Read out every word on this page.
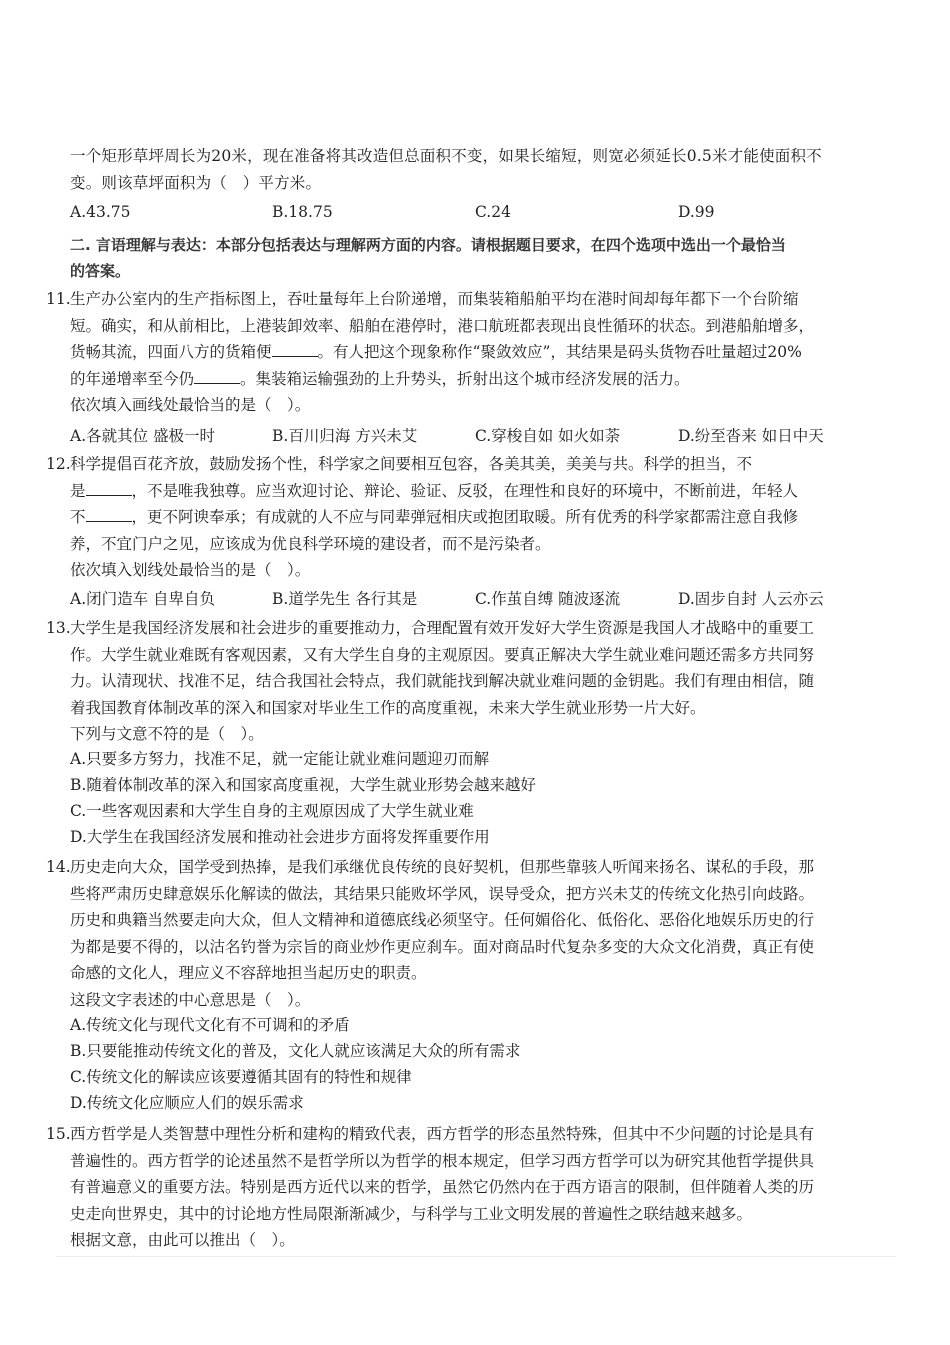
一个矩形草坪周长为20米，现在准备将其改造但总面积不变，如果长缩短，则宽必须延长0.5米才能使面积不
变。则该草坪面积为（　）平方米。
A.43.75	B.18.75	C.24	D.99
二. 言语理解与表达：本部分包括表达与理解两方面的内容。请根据题目要求，在四个选项中选出一个最恰当
的答案。
11. 生产办公室内的生产指标图上，吞吐量每年上台阶递增，而集装箱船舶平均在港时间却每年都下一个台阶缩
短。确实，和从前相比，上港装卸效率、船舶在港停时，港口航班都表现出良性循环的状态。到港船舶增多，
货畅其流，四面八方的货箱便	。有人把这个现象称作“聚敛效应”，其结果是码头货物吞吐量超过20%
的年递增率至今仍	。集装箱运输强劲的上升势头，折射出这个城市经济发展的活力。
依次填入画线处最恰当的是（　）。
A.各就其位 盛极一时	B.百川归海 方兴未艾	C.穿梭自如 如火如荼	D.纷至沓来 如日中天
12. 科学提倡百花齐放，鼓励发扬个性，科学家之间要相互包容，各美其美，美美与共。科学的担当，不
是	，不是唯我独尊。应当欢迎讨论、辩论、验证、反驳，在理性和良好的环境中，不断前进，年轻人
不	，更不阿谀奉承；有成就的人不应与同辈弹冠相庆或抱团取暖。所有优秀的科学家都需注意自我修
养，不宜门户之见，应该成为优良科学环境的建设者，而不是污染者。
依次填入划线处最恰当的是（　）。
A.闭门造车 自卑自负	B.道学先生 各行其是	C.作茧自缚 随波逐流	D.固步自封 人云亦云
13. 大学生是我国经济发展和社会进步的重要推动力，合理配置有效开发好大学生资源是我国人才战略中的重要工
作。大学生就业难既有客观因素，又有大学生自身的主观原因。要真正解决大学生就业难问题还需多方共同努
力。认清现状、找准不足，结合我国社会特点，我们就能找到解决就业难问题的金钥匙。我们有理由相信，随
着我国教育体制改革的深入和国家对毕业生工作的高度重视，未来大学生就业形势一片大好。
下列与文意不符的是（　）。
A.只要多方努力，找准不足，就一定能让就业难问题迎刃而解
B.随着体制改革的深入和国家高度重视，大学生就业形势会越来越好
C.一些客观因素和大学生自身的主观原因成了大学生就业难
D.大学生在我国经济发展和推动社会进步方面将发挥重要作用
14. 历史走向大众，国学受到热捧，是我们承继优良传统的良好契机，但那些靠骇人听闻来扬名、谋私的手段，那
些将严肃历史肆意娱乐化解读的做法，其结果只能败坏学风，误导受众，把方兴未艾的传统文化热引向歧路。
历史和典籍当然要走向大众，但人文精神和道德底线必须坚守。任何媚俗化、低俗化、恶俗化地娱乐历史的行
为都是要不得的，以沽名钓誉为宗旨的商业炒作更应刹车。面对商品时代复杂多变的大众文化消费，真正有使
命感的文化人，理应义不容辞地担当起历史的职责。
这段文字表述的中心意思是（　）。
A.传统文化与现代文化有不可调和的矛盾
B.只要能推动传统文化的普及，文化人就应该满足大众的所有需求
C.传统文化的解读应该要遵循其固有的特性和规律
D.传统文化应顺应人们的娱乐需求
15. 西方哲学是人类智慧中理性分析和建构的精致代表，西方哲学的形态虽然特殊，但其中不少问题的讨论是具有
普遍性的。西方哲学的论述虽然不是哲学所以为哲学的根本规定，但学习西方哲学可以为研究其他哲学提供具
有普遍意义的重要方法。特别是西方近代以来的哲学，虽然它仍然内在于西方语言的限制，但伴随着人类的历
史走向世界史，其中的讨论地方性局限渐渐减少，与科学与工业文明发展的普遍性之联结越来越多。
根据文意，由此可以推出（　）。
